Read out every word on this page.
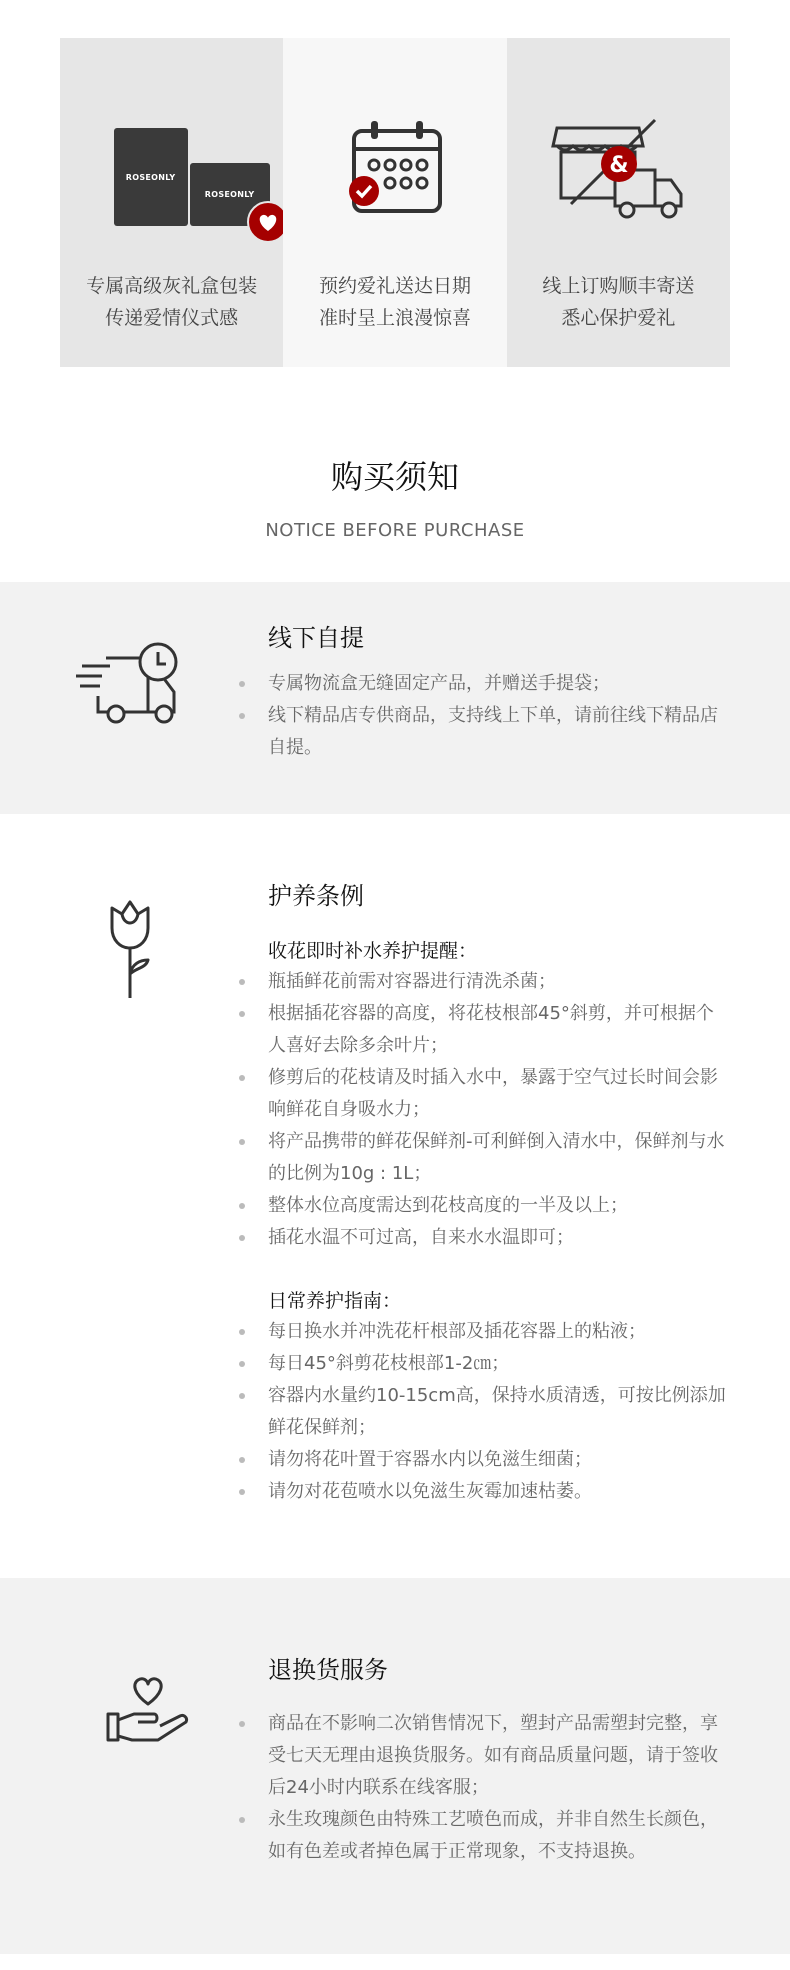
ROSEONLY
ROSEONLY
专属高级灰礼盒包装
传递爱情仪式感
预约爱礼送达日期
准时呈上浪漫惊喜
&
线上订购顺丰寄送
悉心保护爱礼
购买须知
NOTICE BEFORE PURCHASE
线下自提
专属物流盒无缝固定产品，并赠送手提袋；
线下精品店专供商品，支持线上下单，请前往线下精品店自提。
护养条例
收花即时补水养护提醒：
瓶插鲜花前需对容器进行清洗杀菌；
根据插花容器的高度，将花枝根部45°斜剪，并可根据个人喜好去除多余叶片；
修剪后的花枝请及时插入水中，暴露于空气过长时间会影响鲜花自身吸水力；
将产品携带的鲜花保鲜剂-可利鲜倒入清水中，保鲜剂与水的比例为10g : 1L；
整体水位高度需达到花枝高度的一半及以上；
插花水温不可过高，自来水水温即可；
日常养护指南：
每日换水并冲洗花杆根部及插花容器上的粘液；
每日45°斜剪花枝根部1-2㎝；
容器内水量约10-15cm高，保持水质清透，可按比例添加鲜花保鲜剂；
请勿将花叶置于容器水内以免滋生细菌；
请勿对花苞喷水以免滋生灰霉加速枯萎。
退换货服务
商品在不影响二次销售情况下，塑封产品需塑封完整，享受七天无理由退换货服务。如有商品质量问题，请于签收后24小时内联系在线客服；
永生玫瑰颜色由特殊工艺喷色而成，并非自然生长颜色，如有色差或者掉色属于正常现象，不支持退换。
